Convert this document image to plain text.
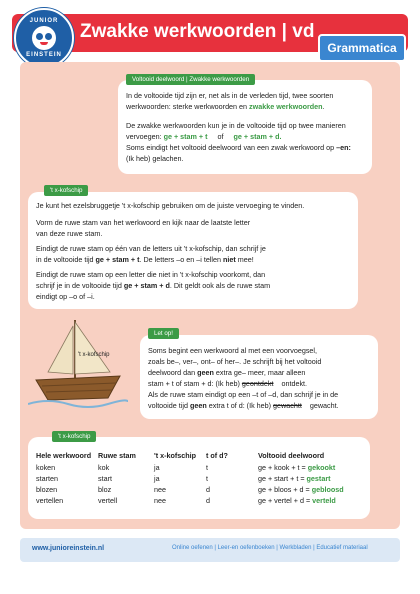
Zwakke werkwoorden | vd
JUNIOR
EINSTEIN	Grammatica

In de voltooide tijd zijn er, net als in de verleden tijd, twee soorten

werkwoorden: sterke werkwoorden en zwakke werkwoorden.

De zwakke werkwoorden kun je in de voltooide tijd op twee manieren

vervoegen: ge + stam + t of ge + stam + d.

Soms eindigt het voltooid deelwoord van een zwak werkwoord op –en:

(Ik heb) gelachen.

Voltooid deelwoord | Zwakke werkwoorden

Je kunt het ezelsbruggetje 't x-kofschip gebruiken om de juiste vervoeging te vinden.

Vorm de ruwe stam van het werkwoord en kijk naar de laatste letter

van deze ruwe stam.

Eindigt de ruwe stam op één van de letters uit 't x-kofschip, dan schrijf je

in de voltooide tijd ge + stam + t. De letters –o en –i tellen niet mee!

Eindigt de ruwe stam op een letter die niet in 't x-kofschip voorkomt, dan

schrijf je in de voltooide tijd ge + stam + d. Dit geldt ook als de ruwe stam

eindigt op –o of –i.

't x-kofschip
't x-kofschip	Soms begint een werkwoord al met een voorvoegsel,

zoals be–, ver–, ont– of her–. Je schrijft bij het voltooid

deelwoord dan geen extra ge– meer, maar alleen

stam + t of stam + d: (Ik heb) geontdekt ontdekt.

Als de ruwe stam eindigt op een –t of –d, dan schrijf je in de

voltooide tijd geen extra t of d: (Ik heb) gewachtt gewacht.

Let op!
Hele werkwoord	Ruwe stam	't x-kofschip	t of d?	Voltooid deelwoord
koken	kok	ja	t	ge + kook + t = gekookt
starten	start	ja	t	ge + start + t = gestart
blozen	bloz	nee	d	ge + bloos + d = gebloosd
vertellen	vertell	nee	d	ge + vertel + d = verteld
't x-kofschip
www.junioreinstein.nl	Online oefenen | Leer-en oefenboeken | Werkbladen | Educatief materiaal
